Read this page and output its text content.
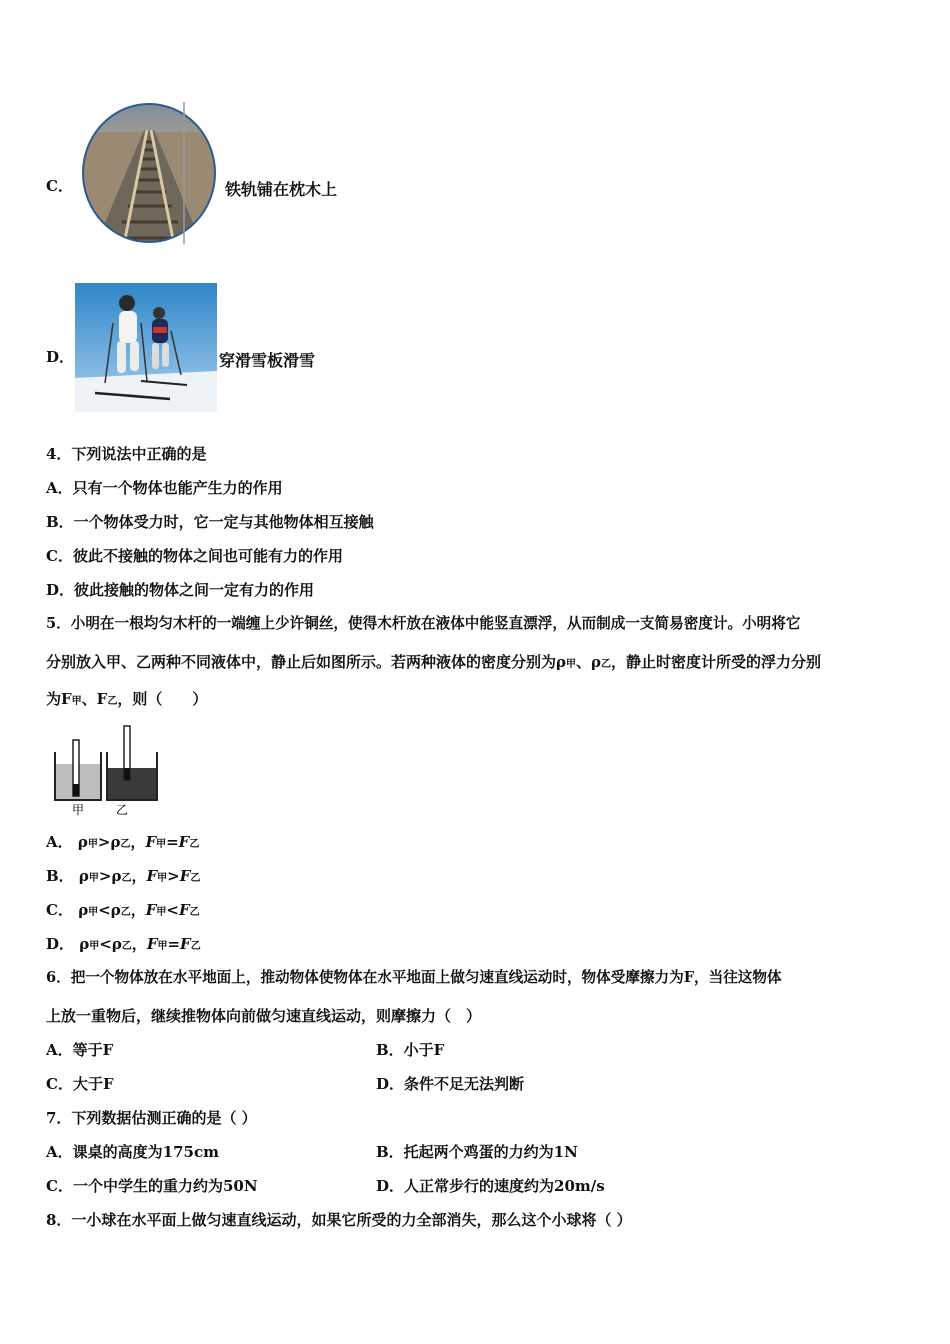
C．	铁轨铺在枕木上
D．	穿滑雪板滑雪
4．下列说法中正确的是
A．只有一个物体也能产生力的作用
B．一个物体受力时，它一定与其他物体相互接触
C．彼此不接触的物体之间也可能有力的作用
D．彼此接触的物体之间一定有力的作用
5．小明在一根均匀木杆的一端缠上少许铜丝，使得木杆放在液体中能竖直漂浮，从而制成一支简易密度计。小明将它
分别放入甲、乙两种不同液体中，静止后如图所示。若两种液体的密度分别为ρ甲、ρ乙，静止时密度计所受的浮力分别
为F甲、F乙，则（　　）
甲	乙
A． ρ甲>ρ乙，F甲=F乙
B． ρ甲>ρ乙，F甲>F乙
C． ρ甲<ρ乙，F甲<F乙
D． ρ甲<ρ乙，F甲=F乙
6．把一个物体放在水平地面上，推动物体使物体在水平地面上做匀速直线运动时，物体受摩擦力为F，当往这物体
上放一重物后，继续推物体向前做匀速直线运动，则摩擦力（　）
A．等于F	B．小于F
C．大于F	D．条件不足无法判断
7．下列数据估测正确的是（ ）
A．课桌的高度为175cm	B．托起两个鸡蛋的力约为1N
C．一个中学生的重力约为50N	D．人正常步行的速度约为20m/s
8．一小球在水平面上做匀速直线运动，如果它所受的力全部消失，那么这个小球将（ ）
